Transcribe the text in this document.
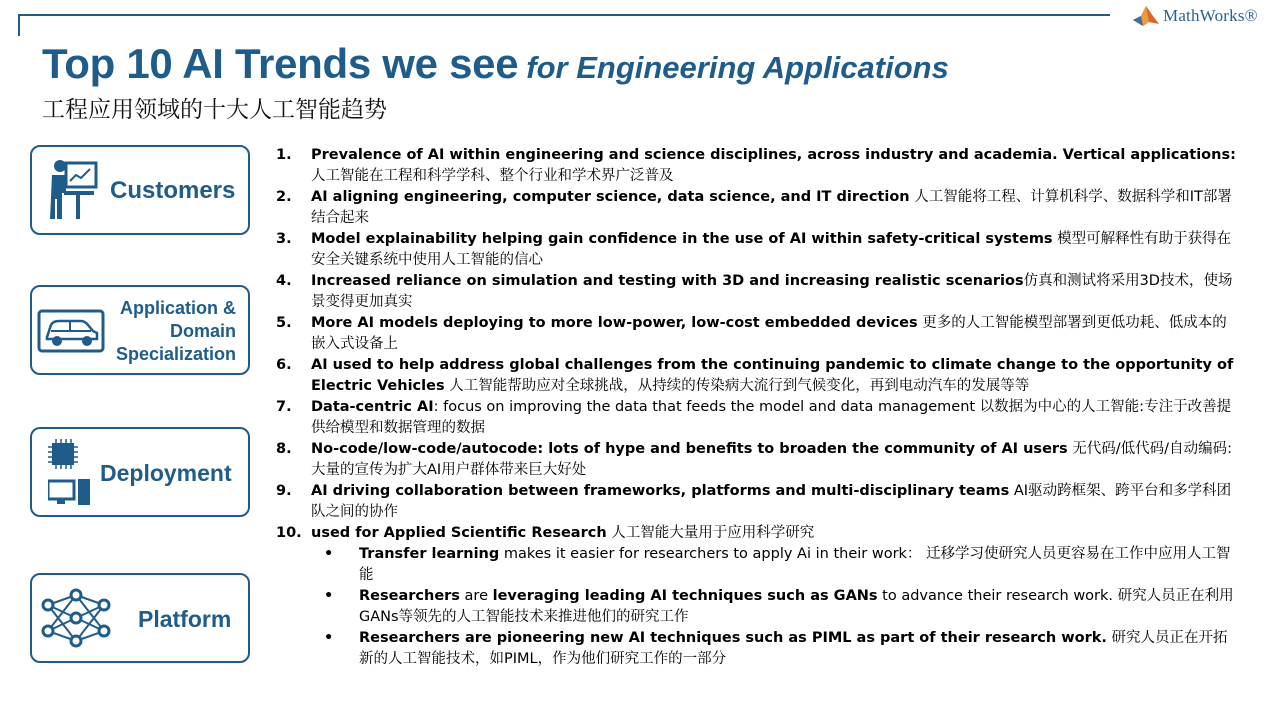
MathWorks®
Top 10 AI Trends we see for Engineering Applications
工程应用领域的十大人工智能趋势
Customers
Application &
Domain
Specialization
Deployment
Platform
1.	Prevalence of AI within engineering and science disciplines, across industry and academia. Vertical applications: 人工智能在工程和科学学科、整个行业和学术界广泛普及
2.	AI aligning engineering, computer science, data science, and IT direction 人工智能将工程、计算机科学、数据科学和IT部署结合起来
3.	Model explainability helping gain confidence in the use of AI within safety-critical systems 模型可解释性有助于获得在安全关键系统中使用人工智能的信心
4.	Increased reliance on simulation and testing with 3D and increasing realistic scenarios仿真和测试将采用3D技术，使场景变得更加真实
5.	More AI models deploying to more low-power, low-cost embedded devices 更多的人工智能模型部署到更低功耗、低成本的嵌入式设备上
6.	AI used to help address global challenges from the continuing pandemic to climate change to the opportunity of Electric Vehicles 人工智能帮助应对全球挑战，从持续的传染病大流行到气候变化，再到电动汽车的发展等等
7.	Data-centric AI: focus on improving the data that feeds the model and data management 以数据为中心的人工智能:专注于改善提供给模型和数据管理的数据
8.	No-code/low-code/autocode: lots of hype and benefits to broaden the community of AI users 无代码/低代码/自动编码: 大量的宣传为扩大AI用户群体带来巨大好处
9.	AI driving collaboration between frameworks, platforms and multi-disciplinary teams AI驱动跨框架、跨平台和多学科团队之间的协作
10. used for Applied Scientific Research 人工智能大量用于应用科学研究
•	Transfer learning makes it easier for researchers to apply Ai in their work： 迁移学习使研究人员更容易在工作中应用人工智能
•	Researchers are leveraging leading AI techniques such as GANs to advance their research work. 研究人员正在利用GANs等领先的人工智能技术来推进他们的研究工作
•	Researchers are pioneering new AI techniques such as PIML as part of their research work. 研究人员正在开拓新的人工智能技术，如PIML，作为他们研究工作的一部分
